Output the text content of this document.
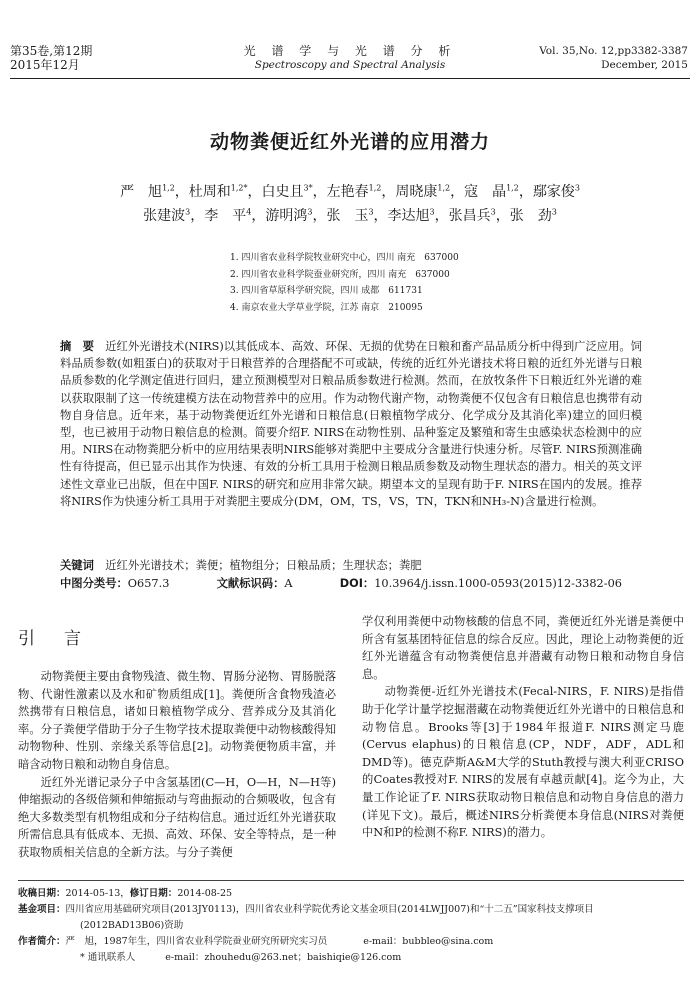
第35卷,第12期
2015年12月
光 谱 学 与 光 谱 分 析
Spectroscopy and Spectral Analysis
Vol. 35,No. 12,pp3382-3387
December, 2015
动物粪便近红外光谱的应用潜力
严　旭$^{1,2}$，杜周和$^{1,2*}$，白史且$^{3*}$，左艳春$^{1,2}$，周晓康$^{1,2}$，寇　晶$^{1,2}$，鄢家俊$^3$
张建波$^3$，李　平$^4$，游明鸿$^3$，张　玉$^3$，李达旭$^3$，张昌兵$^3$，张　劲$^3$
1. 四川省农业科学院牧业研究中心，四川 南充　637000
2. 四川省农业科学院蚕业研究所，四川 南充　637000
3. 四川省草原科学研究院，四川 成都　611731
4. 南京农业大学草业学院，江苏 南京　210095
摘　要　 近红外光谱技术(NIRS)以其低成本、高效、环保、无损的优势在日粮和畜产品品质分析中得到广泛应用。饲料品质参数(如粗蛋白)的获取对于日粮营养的合理搭配不可或缺，传统的近红外光谱技术将日粮的近红外光谱与日粮品质参数的化学测定值进行回归，建立预测模型对日粮品质参数进行检测。然而，在放牧条件下日粮近红外光谱的难以获取限制了这一传统建模方法在动物营养中的应用。作为动物代谢产物，动物粪便不仅包含有日粮信息也携带有动物自身信息。近年来，基于动物粪便近红外光谱和日粮信息(日粮植物学成分、化学成分及其消化率)建立的回归模型，也已被用于动物日粮信息的检测。简要介绍F. NIRS在动物性别、品种鉴定及繁殖和寄生虫感染状态检测中的应用。NIRS在动物粪肥分析中的应用结果表明NIRS能够对粪肥中主要成分含量进行快速分析。尽管F. NIRS预测准确性有待提高，但已显示出其作为快速、有效的分析工具用于检测日粮品质参数及动物生理状态的潜力。相关的英文评述性文章业已出版，但在中国F. NIRS的研究和应用非常欠缺。期望本文的呈现有助于F. NIRS在国内的发展。推荐将NIRS作为快速分析工具用于对粪肥主要成分(DM，OM，TS，VS，TN，TKN和NH₃-N)含量进行检测。
关键词　 近红外光谱技术；粪便；植物组分；日粮品质；生理状态；粪肥
中图分类号：O657.3	文献标识码：A	DOI：10.3964/j.issn.1000-0593(2015)12-3382-06
引　言

动物粪便主要由食物残渣、微生物、胃肠分泌物、胃肠脱落物、代谢性激素以及水和矿物质组成[1]。粪便所含食物残渣必然携带有日粮信息，诸如日粮植物学成分、营养成分及其消化率。分子粪便学借助于分子生物学技术提取粪便中动物核酸得知动物物种、性别、亲缘关系等信息[2]。动物粪便物质丰富，并暗含动物日粮和动物自身信息。

近红外光谱记录分子中含氢基团(C—H，O—H，N—H等)伸缩振动的各级倍频和伸缩振动与弯曲振动的合频吸收，包含有绝大多数类型有机物组成和分子结构信息。通过近红外光谱获取所需信息具有低成本、无损、高效、环保、安全等特点，是一种获取物质相关信息的全新方法。与分子粪便

学仅利用粪便中动物核酸的信息不同，粪便近红外光谱是粪便中所含有氢基团特征信息的综合反应。因此，理论上动物粪便的近红外光谱蕴含有动物粪便信息并潜藏有动物日粮和动物自身信息。

动物粪便-近红外光谱技术(Fecal-NIRS，F. NIRS)是指借助于化学计量学挖掘潜藏在动物粪便近红外光谱中的日粮信息和动物信息。Brooks等[3]于1984年报道F. NIRS测定马鹿(Cervus elaphus)的日粮信息(CP，NDF，ADF，ADL和DMD等)。德克萨斯A&M大学的Stuth教授与澳大利亚CRISO的Coates教授对F. NIRS的发展有卓越贡献[4]。迄今为止，大量工作论证了F. NIRS获取动物日粮信息和动物自身信息的潜力(详见下文)。最后，概述NIRS分析粪便本身信息(NIRS对粪便中N和P的检测不称F. NIRS)的潜力。

收稿日期：2014-05-13，修订日期：2014-08-25
基金项目：四川省应用基础研究项目(2013JY0113)，四川省农业科学院优秀论文基金项目(2014LWJJ007)和“十二五”国家科技支撑项目
(2012BAD13B06)资助
作者简介：严　旭，1987年生，四川省农业科学院蚕业研究所研究实习员	e-mail：bubbleo@sina.com
* 通讯联系人	e-mail：zhouhedu@263.net；baishiqie@126.com
